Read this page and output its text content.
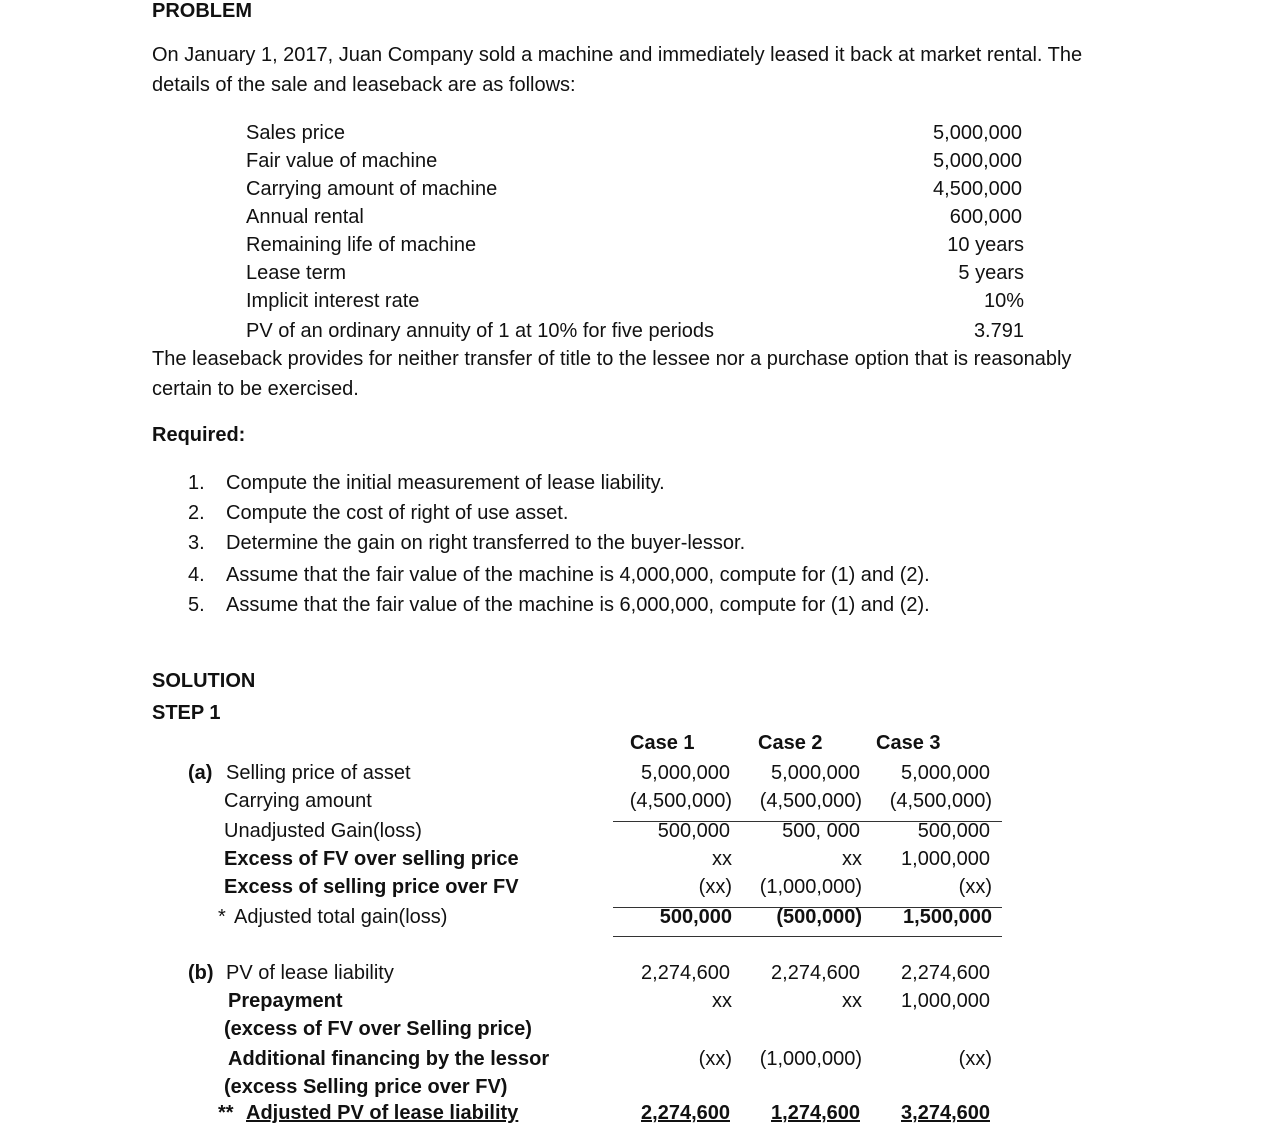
PROBLEM
On January 1, 2017, Juan Company sold a machine and immediately leased it back at market rental. The
details of the sale and leaseback are as follows:
Sales price	5,000,000
Fair value of machine	5,000,000
Carrying amount of machine	4,500,000
Annual rental	600,000
Remaining life of machine	10 years
Lease term	5 years
Implicit interest rate	10%
PV of an ordinary annuity of 1 at 10% for five periods	3.791
The leaseback provides for neither transfer of title to the lessee nor a purchase option that is reasonably
certain to be exercised.
Required:
1. Compute the initial measurement of lease liability.
2. Compute the cost of right of use asset.
3. Determine the gain on right transferred to the buyer-lessor.
4. Assume that the fair value of the machine is 4,000,000, compute for (1) and (2).
5. Assume that the fair value of the machine is 6,000,000, compute for (1) and (2).
SOLUTION
STEP 1
Case 1	Case 2	Case 3
(a) Selling price of asset	5,000,000 5,000,000 5,000,000
Carrying amount	(4,500,000) (4,500,000) (4,500,000)
Unadjusted Gain(loss)	500,000	500, 000	500,000
Excess of FV over selling price	xx	xx 1,000,000
Excess of selling price over FV	(xx) (1,000,000)	(xx)
* Adjusted total gain(loss)	500,000 (500,000) 1,500,000
(b) PV of lease liability	2,274,600 2,274,600 2,274,600
Prepayment
(excess of FV over Selling price)
xx	xx 1,000,000
Additional financing by the lessor
(excess Selling price over FV)
(xx) (1,000,000)	(xx)
** Adjusted PV of lease liability	2,274,600 1,274,600 3,274,600
